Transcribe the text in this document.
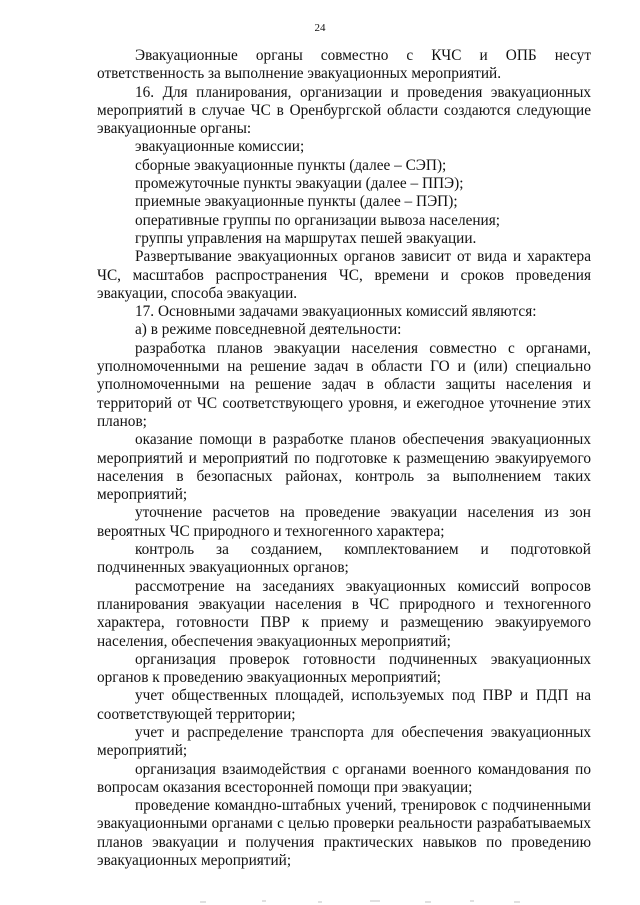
24

Эвакуационные органы совместно с КЧС и ОПБ несут ответственность за выполнение эвакуационных мероприятий.

16. Для планирования, организации и проведения эвакуационных мероприятий в случае ЧС в Оренбургской области создаются следующие эвакуационные органы:

эвакуационные комиссии;

сборные эвакуационные пункты (далее – СЭП);

промежуточные пункты эвакуации (далее – ППЭ);

приемные эвакуационные пункты (далее – ПЭП);

оперативные группы по организации вывоза населения;

группы управления на маршрутах пешей эвакуации.

Развертывание эвакуационных органов зависит от вида и характера ЧС, масштабов распространения ЧС, времени и сроков проведения эвакуации, способа эвакуации.

17. Основными задачами эвакуационных комиссий являются:

а) в режиме повседневной деятельности:

разработка планов эвакуации населения совместно с органами, уполномоченными на решение задач в области ГО и (или) специально уполномоченными на решение задач в области защиты населения и территорий от ЧС соответствующего уровня, и ежегодное уточнение этих планов;

оказание помощи в разработке планов обеспечения эвакуационных мероприятий и мероприятий по подготовке к размещению эвакуируемого населения в безопасных районах, контроль за выполнением таких мероприятий;

уточнение расчетов на проведение эвакуации населения из зон вероятных ЧС природного и техногенного характера;

контроль за созданием, комплектованием и подготовкой подчиненных эвакуационных органов;

рассмотрение на заседаниях эвакуационных комиссий вопросов планирования эвакуации населения в ЧС природного и техногенного характера, готовности ПВР к приему и размещению эвакуируемого населения, обеспечения эвакуационных мероприятий;

организация проверок готовности подчиненных эвакуационных органов к проведению эвакуационных мероприятий;

учет общественных площадей, используемых под ПВР и ПДП на соответствующей территории;

учет и распределение транспорта для обеспечения эвакуационных мероприятий;

организация взаимодействия с органами военного командования по вопросам оказания всесторонней помощи при эвакуации;

проведение командно-штабных учений, тренировок с подчиненными эвакуационными органами с целью проверки реальности разрабатываемых планов эвакуации и получения практических навыков по проведению эвакуационных мероприятий;
